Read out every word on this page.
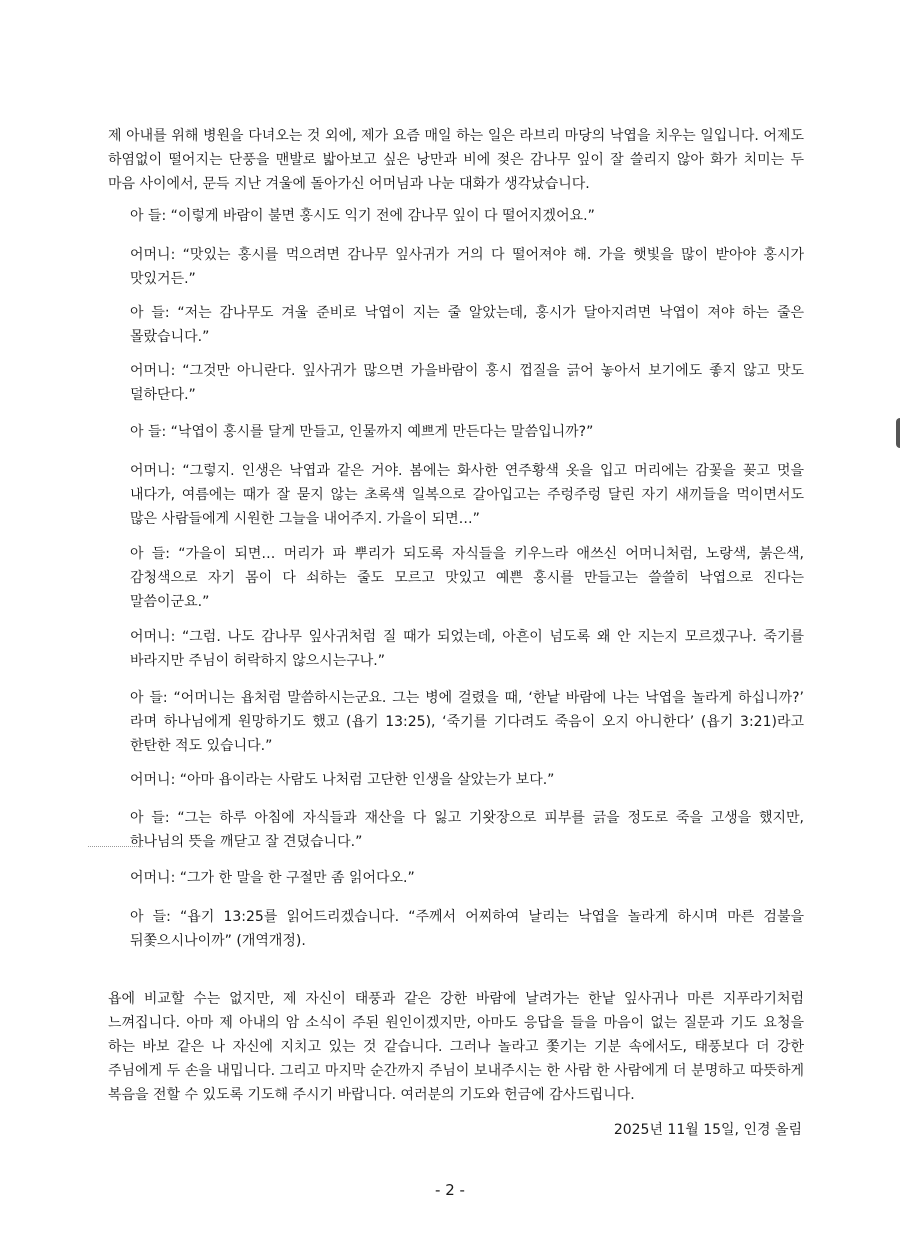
제 아내를 위해 병원을 다녀오는 것 외에, 제가 요즘 매일 하는 일은 라브리 마당의 낙엽을 치우는 일입니다. 어제도 하염없이 떨어지는 단풍을 맨발로 밟아보고 싶은 낭만과 비에 젖은 감나무 잎이 잘 쓸리지 않아 화가 치미는 두 마음 사이에서, 문득 지난 겨울에 돌아가신 어머님과 나눈 대화가 생각났습니다.

아 들: “이렇게 바람이 불면 홍시도 익기 전에 감나무 잎이 다 떨어지겠어요.”

어머니: “맛있는 홍시를 먹으려면 감나무 잎사귀가 거의 다 떨어져야 해. 가을 햇빛을 많이 받아야 홍시가 맛있거든.”

아 들: “저는 감나무도 겨울 준비로 낙엽이 지는 줄 알았는데, 홍시가 달아지려면 낙엽이 져야 하는 줄은 몰랐습니다.”

어머니: “그것만 아니란다. 잎사귀가 많으면 가을바람이 홍시 껍질을 긁어 놓아서 보기에도 좋지 않고 맛도 덜하단다.”

아 들: “낙엽이 홍시를 달게 만들고, 인물까지 예쁘게 만든다는 말씀입니까?”

어머니: “그렇지. 인생은 낙엽과 같은 거야. 봄에는 화사한 연주황색 옷을 입고 머리에는 감꽃을 꽂고 멋을 내다가, 여름에는 때가 잘 묻지 않는 초록색 일복으로 갈아입고는 주렁주렁 달린 자기 새끼들을 먹이면서도 많은 사람들에게 시원한 그늘을 내어주지. 가을이 되면…”

아 들: “가을이 되면… 머리가 파 뿌리가 되도록 자식들을 키우느라 애쓰신 어머니처럼, 노랑색, 붉은색, 감청색으로 자기 몸이 다 쇠하는 줄도 모르고 맛있고 예쁜 홍시를 만들고는 쓸쓸히 낙엽으로 진다는 말씀이군요.”

어머니: “그럼. 나도 감나무 잎사귀처럼 질 때가 되었는데, 아흔이 넘도록 왜 안 지는지 모르겠구나. 죽기를 바라지만 주님이 허락하지 않으시는구나.”

아 들: “어머니는 욥처럼 말씀하시는군요. 그는 병에 걸렸을 때, ‘한낱 바람에 나는 낙엽을 놀라게 하십니까?’ 라며 하나님에게 원망하기도 했고 (욥기 13:25), ‘죽기를 기다려도 죽음이 오지 아니한다’ (욥기 3:21)라고 한탄한 적도 있습니다.”

어머니: “아마 욥이라는 사람도 나처럼 고단한 인생을 살았는가 보다.”

아 들: “그는 하루 아침에 자식들과 재산을 다 잃고 기왓장으로 피부를 긁을 정도로 죽을 고생을 했지만, 하나님의 뜻을 깨닫고 잘 견뎠습니다.”

어머니: “그가 한 말을 한 구절만 좀 읽어다오.”

아 들: “욥기 13:25를 읽어드리겠습니다. “주께서 어찌하여 날리는 낙엽을 놀라게 하시며 마른 검불을 뒤쫓으시나이까” (개역개정).

욥에 비교할 수는 없지만, 제 자신이 태풍과 같은 강한 바람에 날려가는 한낱 잎사귀나 마른 지푸라기처럼 느껴집니다. 아마 제 아내의 암 소식이 주된 원인이겠지만, 아마도 응답을 들을 마음이 없는 질문과 기도 요청을 하는 바보 같은 나 자신에 지치고 있는 것 같습니다. 그러나 놀라고 쫓기는 기분 속에서도, 태풍보다 더 강한 주님에게 두 손을 내밉니다. 그리고 마지막 순간까지 주님이 보내주시는 한 사람 한 사람에게 더 분명하고 따뜻하게 복음을 전할 수 있도록 기도해 주시기 바랍니다. 여러분의 기도와 헌금에 감사드립니다.

2025년 11월 15일, 인경 올림
- 2 -
